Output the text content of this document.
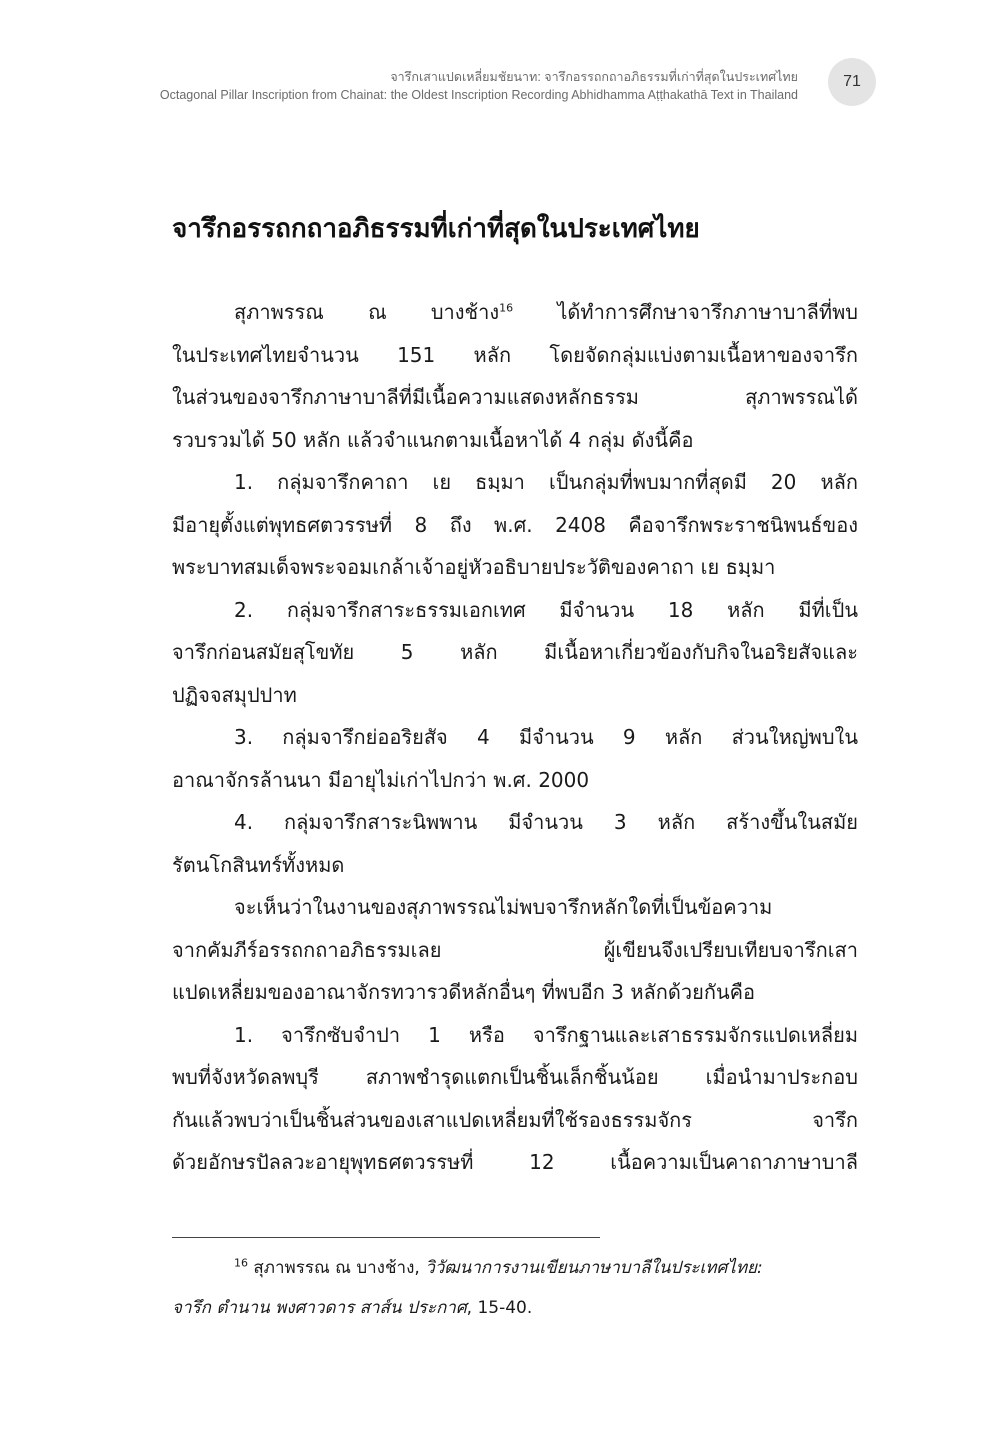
จารึกเสาแปดเหลี่ยมชัยนาท: จารึกอรรถกถาอภิธรรมที่เก่าที่สุดในประเทศไทย
Octagonal Pillar Inscription from Chainat: the Oldest Inscription Recording Abhidhamma Aṭṭhakathā Text in Thailand
71
จารึกอรรถกถาอภิธรรมที่เก่าที่สุดในประเทศไทย
สุภาพรรณ ณ บางช้าง$^{16}$ ได้ทำการศึกษาจารึกภาษาบาลีที่พบ
ในประเทศไทยจำนวน 151 หลัก โดยจัดกลุ่มแบ่งตามเนื้อหาของจารึก
ในส่วนของจารึกภาษาบาลีที่มีเนื้อความแสดงหลักธรรม สุภาพรรณได้
รวบรวมได้ 50 หลัก แล้วจำแนกตามเนื้อหาได้ 4 กลุ่ม ดังนี้คือ
1. กลุ่มจารึกคาถา เย ธมฺมา เป็นกลุ่มที่พบมากที่สุดมี 20 หลัก
มีอายุตั้งแต่พุทธศตวรรษที่ 8 ถึง พ.ศ. 2408 คือจารึกพระราชนิพนธ์ของ
พระบาทสมเด็จพระจอมเกล้าเจ้าอยู่หัวอธิบายประวัติของคาถา เย ธมฺมา
2. กลุ่มจารึกสาระธรรมเอกเทศ มีจำนวน 18 หลัก มีที่เป็น
จารึกก่อนสมัยสุโขทัย 5 หลัก มีเนื้อหาเกี่ยวข้องกับกิจในอริยสัจและ
ปฏิจจสมุปปาท
3. กลุ่มจารึกย่ออริยสัจ 4 มีจำนวน 9 หลัก ส่วนใหญ่พบใน
อาณาจักรล้านนา มีอายุไม่เก่าไปกว่า พ.ศ. 2000
4. กลุ่มจารึกสาระนิพพาน มีจำนวน 3 หลัก สร้างขึ้นในสมัย
รัตนโกสินทร์ทั้งหมด
จะเห็นว่าในงานของสุภาพรรณไม่พบจารึกหลักใดที่เป็นข้อความ
จากคัมภีร์อรรถกถาอภิธรรมเลย ผู้เขียนจึงเปรียบเทียบจารึกเสา
แปดเหลี่ยมของอาณาจักรทวารวดีหลักอื่นๆ ที่พบอีก 3 หลักด้วยกันคือ
1. จารึกซับจำปา 1 หรือ จารึกฐานและเสาธรรมจักรแปดเหลี่ยม
พบที่จังหวัดลพบุรี สภาพชำรุดแตกเป็นชิ้นเล็กชิ้นน้อย เมื่อนำมาประกอบ
กันแล้วพบว่าเป็นชิ้นส่วนของเสาแปดเหลี่ยมที่ใช้รองธรรมจักร จารึก
ด้วยอักษรปัลลวะอายุพุทธศตวรรษที่ 12 เนื้อความเป็นคาถาภาษาบาลี
$^{16}$ สุภาพรรณ ณ บางช้าง, วิวัฒนาการงานเขียนภาษาบาลีในประเทศไทย:
จารึก ตำนาน พงศาวดาร สาส์น ประกาศ, 15-40.
